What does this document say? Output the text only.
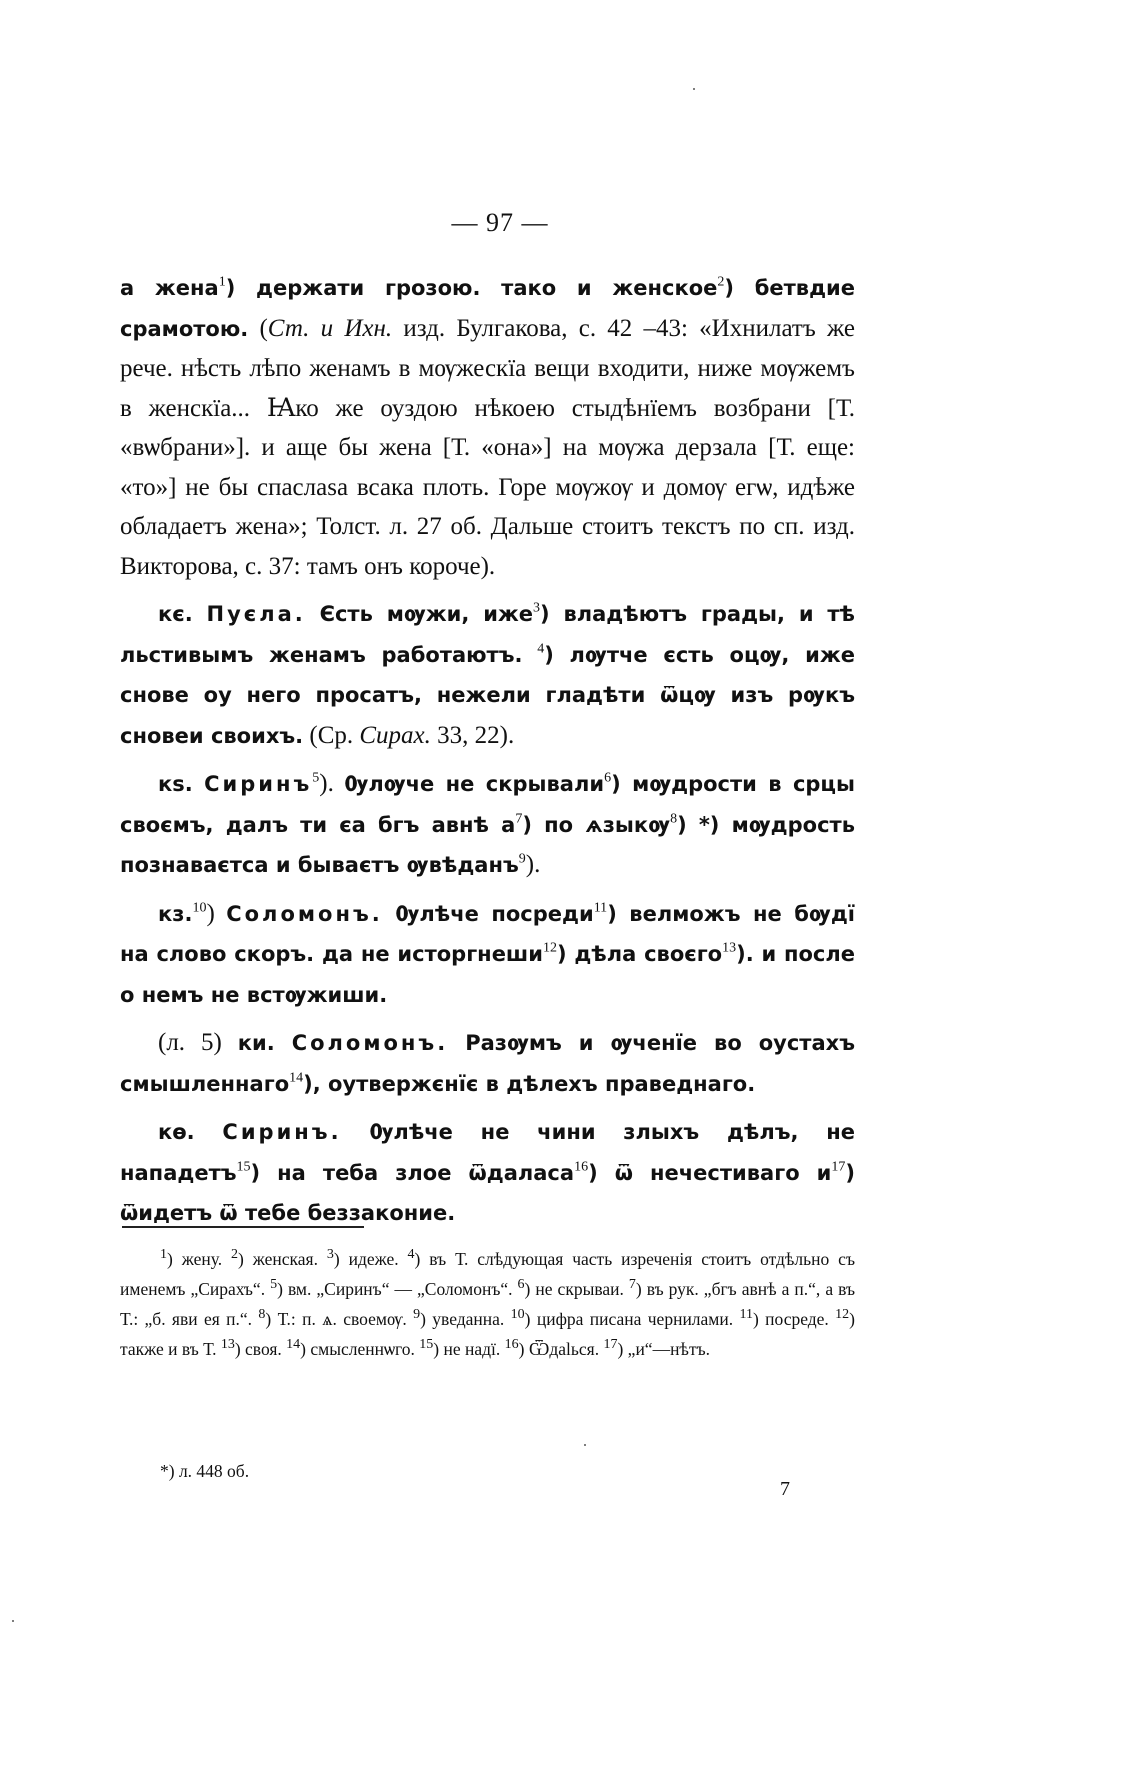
— 97 —

а жена$^1$) держати грозою. тако и женское$^2$) бетвдие срамотою. (Ст. и Ихн. изд. Булгакова, с. 42 –43: «Ихнилатъ же рече. нѣсть лѣпо женамъ в мѹжескїа вещи входити, ниже мѹжемъ в женскїа... Ꙗко же оуздою нѣкоею стыдѣнїемъ возбрани [Т. «вѡбрани»]. и аще бы жена [Т. «она»] на мѹжа дерзала [Т. еще: «то»] не бы спаслаѕа всака плоть. Горе мѹжѹ и домѹ егѡ, идѣже обладаетъ жена»; Толст. л. 27 об. Дальше стоитъ текстъ по сп. изд. Викторова, с. 37: тамъ онъ короче).

кє. Пуєла. Єсть мѹжи, иже$^3$) владѣютъ грады, и тѣ льстивымъ женамъ работаютъ. $^4$) лѹтче єсть оцѹ, иже снове оу него просатъ, нежели гладѣти ѿцѹ изъ рѹкъ сновеи своихъ. (Ср. Сирах. 33, 22).

кѕ. Сиринъ$^5$). Ѹлѹче не скрывали$^6$) мѹдрости в срцы своємъ, далъ ти єа бгъ авнѣ $а^7$) по ѧзыкѹ$^8$) *) мѹдрость познаваєтса и бываєтъ ѹвѣданъ$^9$).

кз.$^{10}$) Соломонъ. Ѹлѣче посреди$^{11}$) велможъ не бѹдї на слово скоръ. да не исторгнеши$^{12}$) дѣла своєго$^{13}$). и после о немъ не встѹжиши.

(л. 5) ки. Соломонъ. Разѹмъ и ѹченїе во оустахъ смышленнаго$^{14}$), оутвержєнїє в дѣлехъ праведнаго.

кѳ. Сиринъ. Ѹлѣче не чини злыхъ дѣлъ, не нападетъ$^{15}$) на теба злое ѿдаласа$^{16}$) ѿ нечестиваго $и^{17}$) ѿидетъ ѿ тебе беззаконие.

$^1$) жену. $^2$) женская. $^3$) идеже. $^4$) въ Т. слѣдующая часть изреченія стоитъ отдѣльно съ именемъ „Сирахъ“. $^5$) вм. „Сиринъ“ — „Соломонъ“. $^6$) не скрываи. $^7$) въ рук. „бгъ авнѣ а п.“, а въ Т.: „б. яви ея п.“. $^8$) Т.: п. ѧ. своемѹ. $^9$) уведанна. $^{10}$) цифра писана чернилами. $^{11}$) посреде. $^{12}$) также и въ Т. $^{13}$) своя. $^{14}$) смысленнѡго. $^{15}$) не надї. $^{16}$) Ѿдаlься. $^{17}$) „и“—нѣтъ.

*) л. 448 об.
7
